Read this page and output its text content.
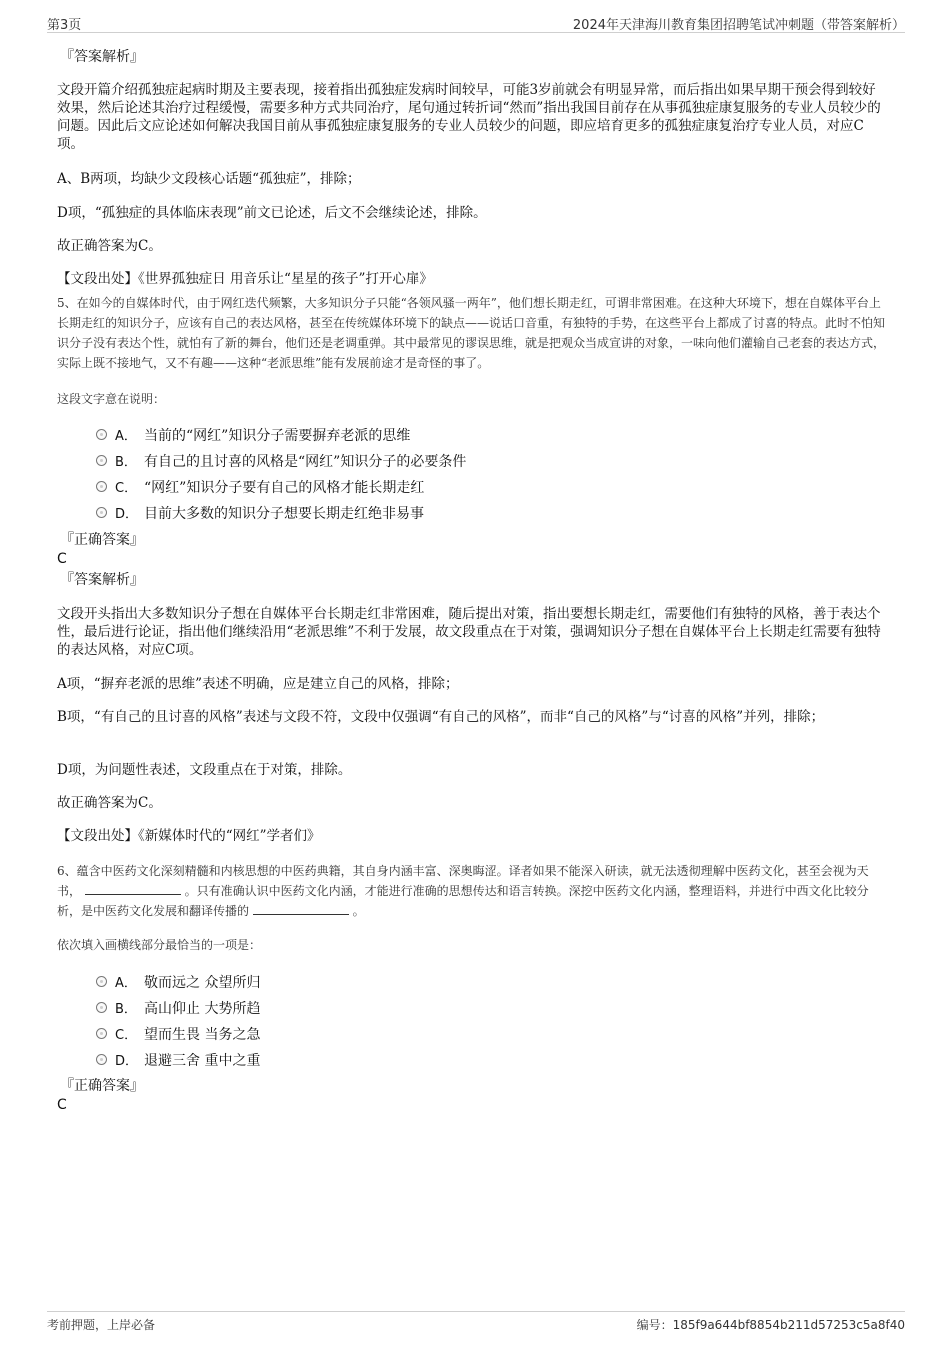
第3页	2024年天津海川教育集团招聘笔试冲刺题（带答案解析）
『答案解析』
文段开篇介绍孤独症起病时期及主要表现，接着指出孤独症发病时间较早，可能3岁前就会有明显异常，而后指出如果早期干预会得到较好效果，然后论述其治疗过程缓慢，需要多种方式共同治疗，尾句通过转折词“然而”指出我国目前存在从事孤独症康复服务的专业人员较少的问题。因此后文应论述如何解决我国目前从事孤独症康复服务的专业人员较少的问题，即应培育更多的孤独症康复治疗专业人员，对应C项。
A、B两项，均缺少文段核心话题“孤独症”，排除；
D项，“孤独症的具体临床表现”前文已论述，后文不会继续论述，排除。
故正确答案为C。
【文段出处】《世界孤独症日 用音乐让“星星的孩子”打开心扉》
5、在如今的自媒体时代，由于网红迭代频繁，大多知识分子只能“各领风骚一两年”，他们想长期走红，可谓非常困难。在这种大环境下，想在自媒体平台上长期走红的知识分子，应该有自己的表达风格，甚至在传统媒体环境下的缺点——说话口音重，有独特的手势，在这些平台上都成了讨喜的特点。此时不怕知识分子没有表达个性，就怕有了新的舞台，他们还是老调重弹。其中最常见的谬误思维，就是把观众当成宣讲的对象，一味向他们灌输自己老套的表达方式，实际上既不接地气，又不有趣——这种“老派思维”能有发展前途才是奇怪的事了。
这段文字意在说明：
A． 当前的“网红”知识分子需要摒弃老派的思维
B． 有自己的且讨喜的风格是“网红”知识分子的必要条件
C． “网红”知识分子要有自己的风格才能长期走红
D． 目前大多数的知识分子想要长期走红绝非易事
『正确答案』
C
『答案解析』
文段开头指出大多数知识分子想在自媒体平台长期走红非常困难，随后提出对策，指出要想长期走红，需要他们有独特的风格，善于表达个性，最后进行论证，指出他们继续沿用“老派思维”不利于发展，故文段重点在于对策，强调知识分子想在自媒体平台上长期走红需要有独特的表达风格，对应C项。
A项，“摒弃老派的思维”表述不明确，应是建立自己的风格，排除；
B项，“有自己的且讨喜的风格”表述与文段不符，文段中仅强调“有自己的风格”，而非“自己的风格”与“讨喜的风格”并列，排除；
D项，为问题性表述，文段重点在于对策，排除。
故正确答案为C。
【文段出处】《新媒体时代的“网红”学者们》
6、蕴含中医药文化深刻精髓和内核思想的中医药典籍，其自身内涵丰富、深奥晦涩。译者如果不能深入研读，就无法透彻理解中医药文化，甚至会视为天书，	。只有准确认识中医药文化内涵，才能进行准确的思想传达和语言转换。深挖中医药文化内涵，整理语料，并进行中西文化比较分析，是中医药文化发展和翻译传播的	。
依次填入画横线部分最恰当的一项是：
A． 敬而远之 众望所归
B． 高山仰止 大势所趋
C． 望而生畏 当务之急
D． 退避三舍 重中之重
『正确答案』
C
考前押题，上岸必备	编号：185f9a644bf8854b211d57253c5a8f40
